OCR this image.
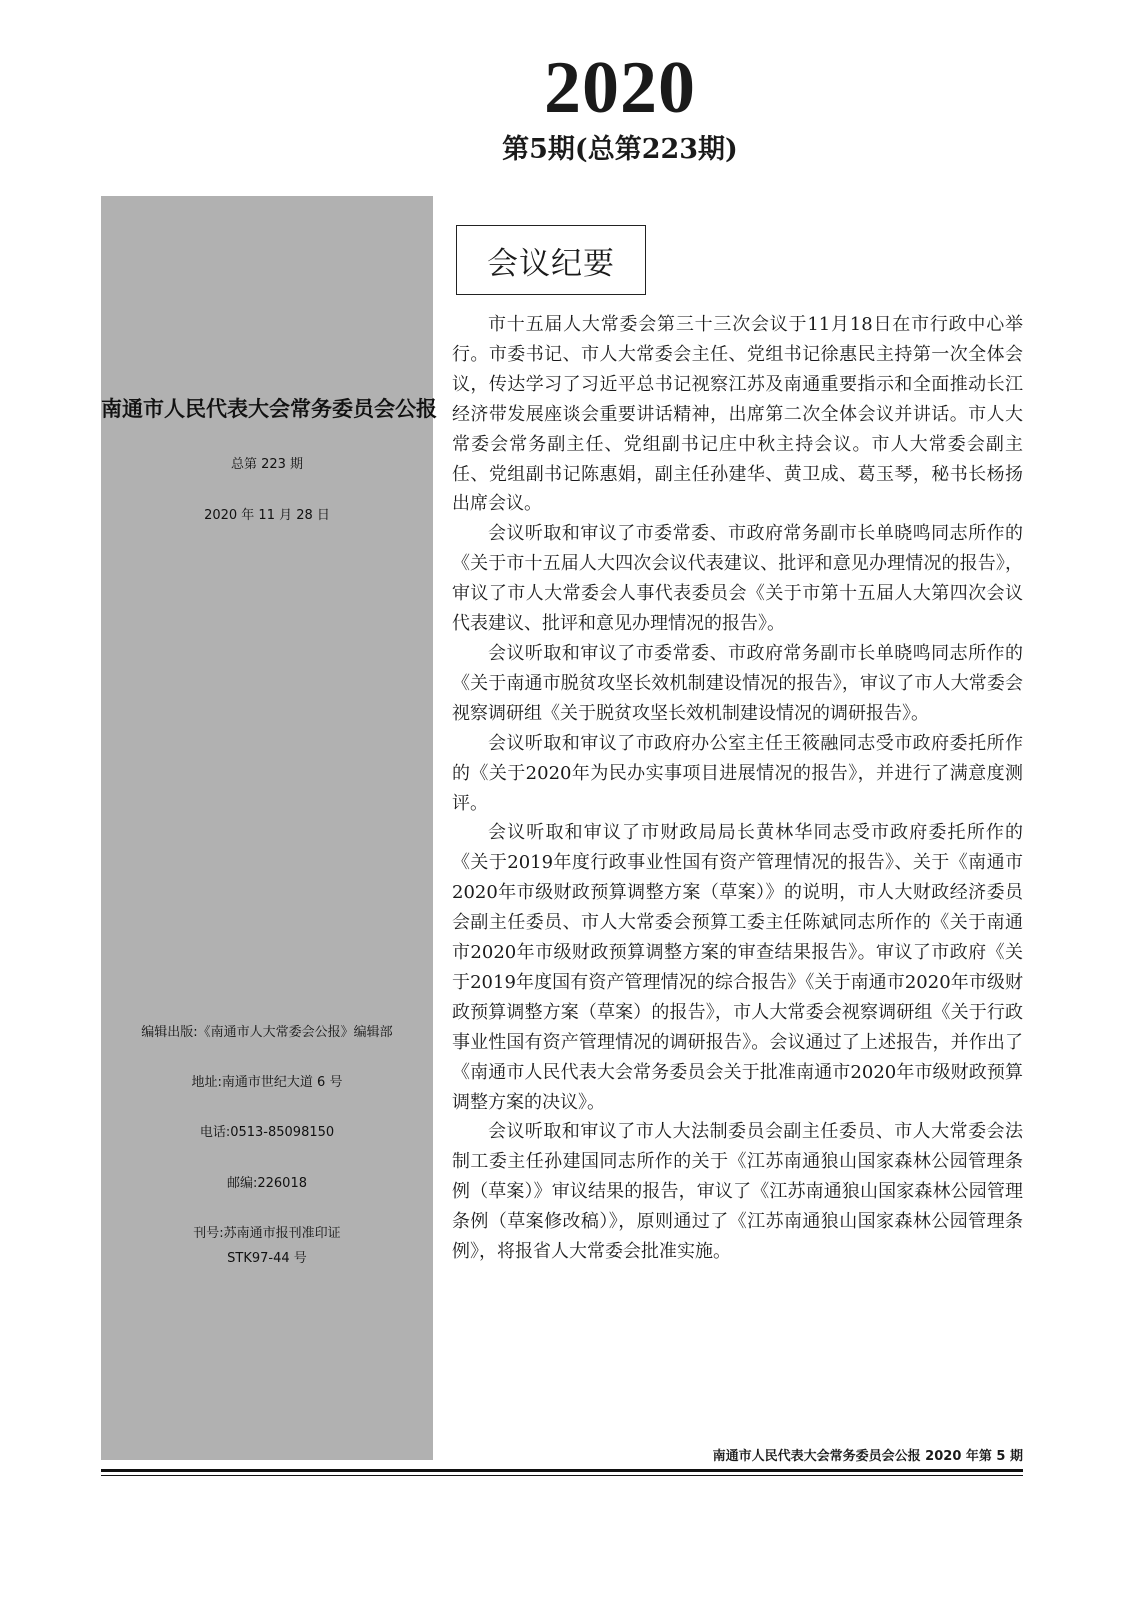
2020
第5期(总第223期)
南通市人民代表大会常务委员会公报
总第 223 期
2020 年 11 月 28 日
编辑出版:《南通市人大常委会公报》编辑部
地址:南通市世纪大道 6 号
电话:0513-85098150
邮编:226018
刊号:苏南通市报刊准印证
STK97-44 号
会议纪要

市十五届人大常委会第三十三次会议于11月18日在市行政中心举行。市委书记、市人大常委会主任、党组书记徐惠民主持第一次全体会议，传达学习了习近平总书记视察江苏及南通重要指示和全面推动长江经济带发展座谈会重要讲话精神，出席第二次全体会议并讲话。市人大常委会常务副主任、党组副书记庄中秋主持会议。市人大常委会副主任、党组副书记陈惠娟，副主任孙建华、黄卫成、葛玉琴，秘书长杨扬出席会议。

会议听取和审议了市委常委、市政府常务副市长单晓鸣同志所作的《关于市十五届人大四次会议代表建议、批评和意见办理情况的报告》，审议了市人大常委会人事代表委员会《关于市第十五届人大第四次会议代表建议、批评和意见办理情况的报告》。

会议听取和审议了市委常委、市政府常务副市长单晓鸣同志所作的《关于南通市脱贫攻坚长效机制建设情况的报告》，审议了市人大常委会视察调研组《关于脱贫攻坚长效机制建设情况的调研报告》。

会议听取和审议了市政府办公室主任王筱融同志受市政府委托所作的《关于2020年为民办实事项目进展情况的报告》，并进行了满意度测评。

会议听取和审议了市财政局局长黄林华同志受市政府委托所作的《关于2019年度行政事业性国有资产管理情况的报告》、关于《南通市2020年市级财政预算调整方案（草案）》的说明，市人大财政经济委员会副主任委员、市人大常委会预算工委主任陈斌同志所作的《关于南通市2020年市级财政预算调整方案的审查结果报告》。审议了市政府《关于2019年度国有资产管理情况的综合报告》《关于南通市2020年市级财政预算调整方案（草案）的报告》，市人大常委会视察调研组《关于行政事业性国有资产管理情况的调研报告》。会议通过了上述报告，并作出了《南通市人民代表大会常务委员会关于批准南通市2020年市级财政预算调整方案的决议》。

会议听取和审议了市人大法制委员会副主任委员、市人大常委会法制工委主任孙建国同志所作的关于《江苏南通狼山国家森林公园管理条例（草案）》审议结果的报告，审议了《江苏南通狼山国家森林公园管理条例（草案修改稿）》，原则通过了《江苏南通狼山国家森林公园管理条例》，将报省人大常委会批准实施。

南通市人民代表大会常务委员会公报 2020 年第 5 期
